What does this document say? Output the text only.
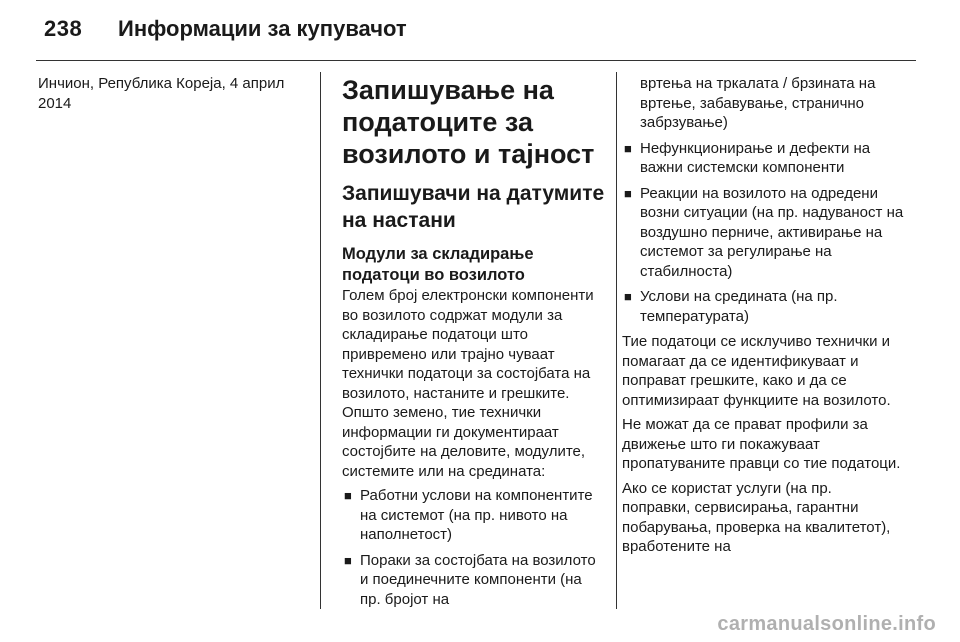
238 Информации за купувачот

Инчион, Република Кореја, 4 април 2014	Запишување на податоците за возилото и тајност
Запишувачи на датумите на настани
Модули за складирање податоци во возилото

Голем број електронски компоненти во возилото содржат модули за складирање податоци што привремено или трајно чуваат технички податоци за состојбата на возилото, настаните и грешките. Општо земено, тие технички информации ги документираат состојбите на деловите, модулите, системите или на средината:

■ Работни услови на компонентите на системот (на пр. нивото на наполнетост)
■ Пораки за состојбата на возилото и поединечните компоненти (на пр. бројот на

вртења на тркалата / брзината на вртење, забавување, странично забрзување)

■ Нефункционирање и дефекти на важни системски компоненти
■ Реакции на возилото на одредени возни ситуации (на пр. надуваност на воздушно перниче, активирање на системот за регулирање на стабилноста)
■ Услови на средината (на пр. температурата)

Тие податоци се исклучиво технички и помагаат да се идентификуваат и поправат грешките, како и да се оптимизираат функциите на возилото.

Не можат да се прават профили за движење што ги покажуваат пропатуваните правци со тие податоци.

Ако се користат услуги (на пр. поправки, сервисирања, гарантни побарувања, проверка на квалитетот), вработените на

carmanualsonline.info
